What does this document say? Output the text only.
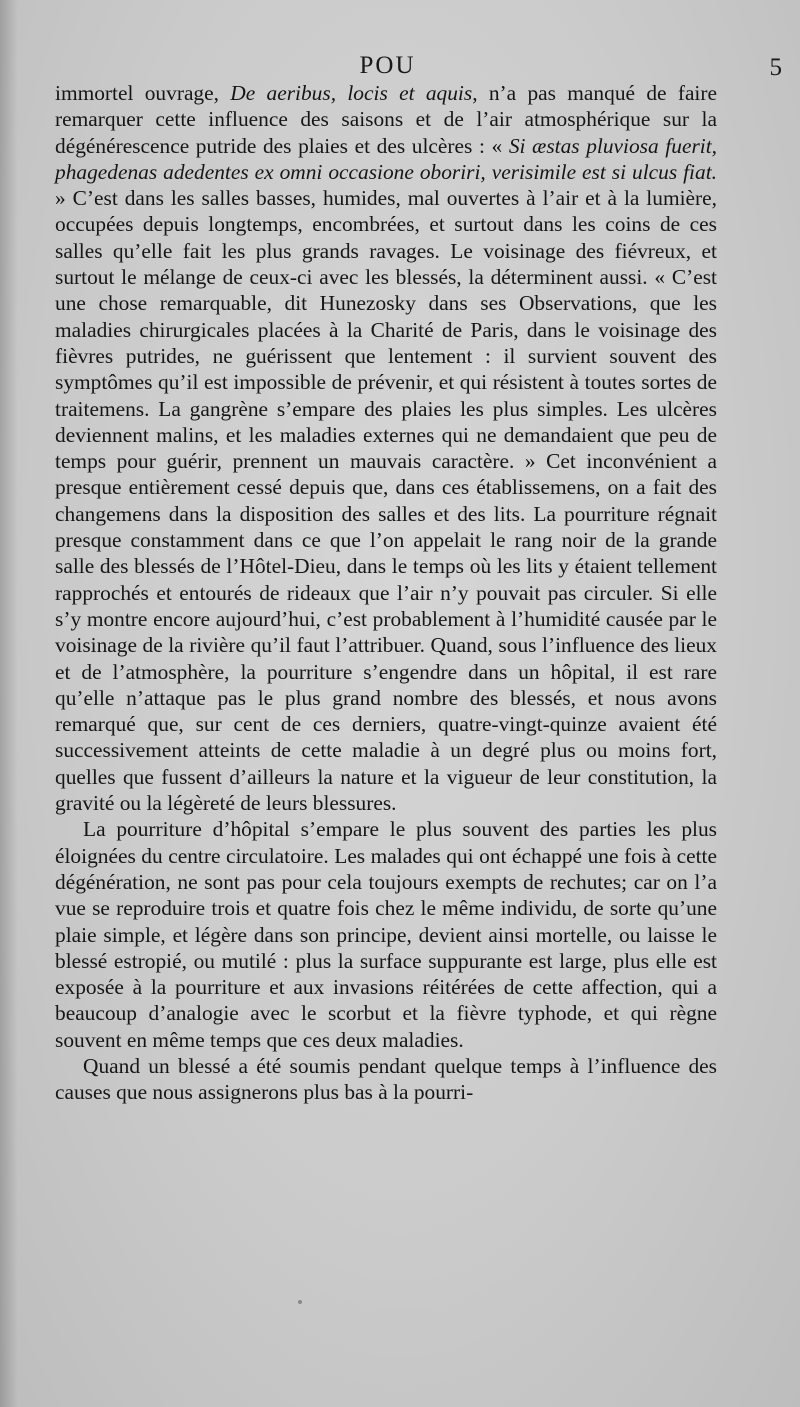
POU	5

immortel ouvrage, De aeribus, locis et aquis, n’a pas manqué de faire remarquer cette influence des saisons et de l’air atmosphérique sur la dégénérescence putride des plaies et des ulcères : « Si æstas pluviosa fuerit, phagedenas adedentes ex omni occasione oboriri, verisimile est si ulcus fiat. » C’est dans les salles basses, humides, mal ouvertes à l’air et à la lumière, occupées depuis longtemps, encombrées, et surtout dans les coins de ces salles qu’elle fait les plus grands ravages. Le voisinage des fiévreux, et surtout le mélange de ceux-ci avec les blessés, la déterminent aussi. « C’est une chose remarquable, dit Hunezosky dans ses Observations, que les maladies chirurgicales placées à la Charité de Paris, dans le voisinage des fièvres putrides, ne guérissent que lentement : il survient souvent des symptômes qu’il est impossible de prévenir, et qui résistent à toutes sortes de traitemens. La gangrène s’empare des plaies les plus simples. Les ulcères deviennent malins, et les maladies externes qui ne demandaient que peu de temps pour guérir, prennent un mauvais caractère. » Cet inconvénient a presque entièrement cessé depuis que, dans ces établissemens, on a fait des changemens dans la disposition des salles et des lits. La pourriture régnait presque constamment dans ce que l’on appelait le rang noir de la grande salle des blessés de l’Hôtel-Dieu, dans le temps où les lits y étaient tellement rapprochés et entourés de rideaux que l’air n’y pouvait pas circuler. Si elle s’y montre encore aujourd’hui, c’est probablement à l’humidité causée par le voisinage de la rivière qu’il faut l’attribuer. Quand, sous l’influence des lieux et de l’atmosphère, la pourriture s’engendre dans un hôpital, il est rare qu’elle n’attaque pas le plus grand nombre des blessés, et nous avons remarqué que, sur cent de ces derniers, quatre-vingt-quinze avaient été successivement atteints de cette maladie à un degré plus ou moins fort, quelles que fussent d’ailleurs la nature et la vigueur de leur constitution, la gravité ou la légèreté de leurs blessures.

La pourriture d’hôpital s’empare le plus souvent des parties les plus éloignées du centre circulatoire. Les malades qui ont échappé une fois à cette dégénération, ne sont pas pour cela toujours exempts de rechutes; car on l’a vue se reproduire trois et quatre fois chez le même individu, de sorte qu’une plaie simple, et légère dans son principe, devient ainsi mortelle, ou laisse le blessé estropié, ou mutilé : plus la surface suppurante est large, plus elle est exposée à la pourriture et aux invasions réitérées de cette affection, qui a beaucoup d’analogie avec le scorbut et la fièvre typhode, et qui règne souvent en même temps que ces deux maladies.

Quand un blessé a été soumis pendant quelque temps à l’influence des causes que nous assignerons plus bas à la pourri-
